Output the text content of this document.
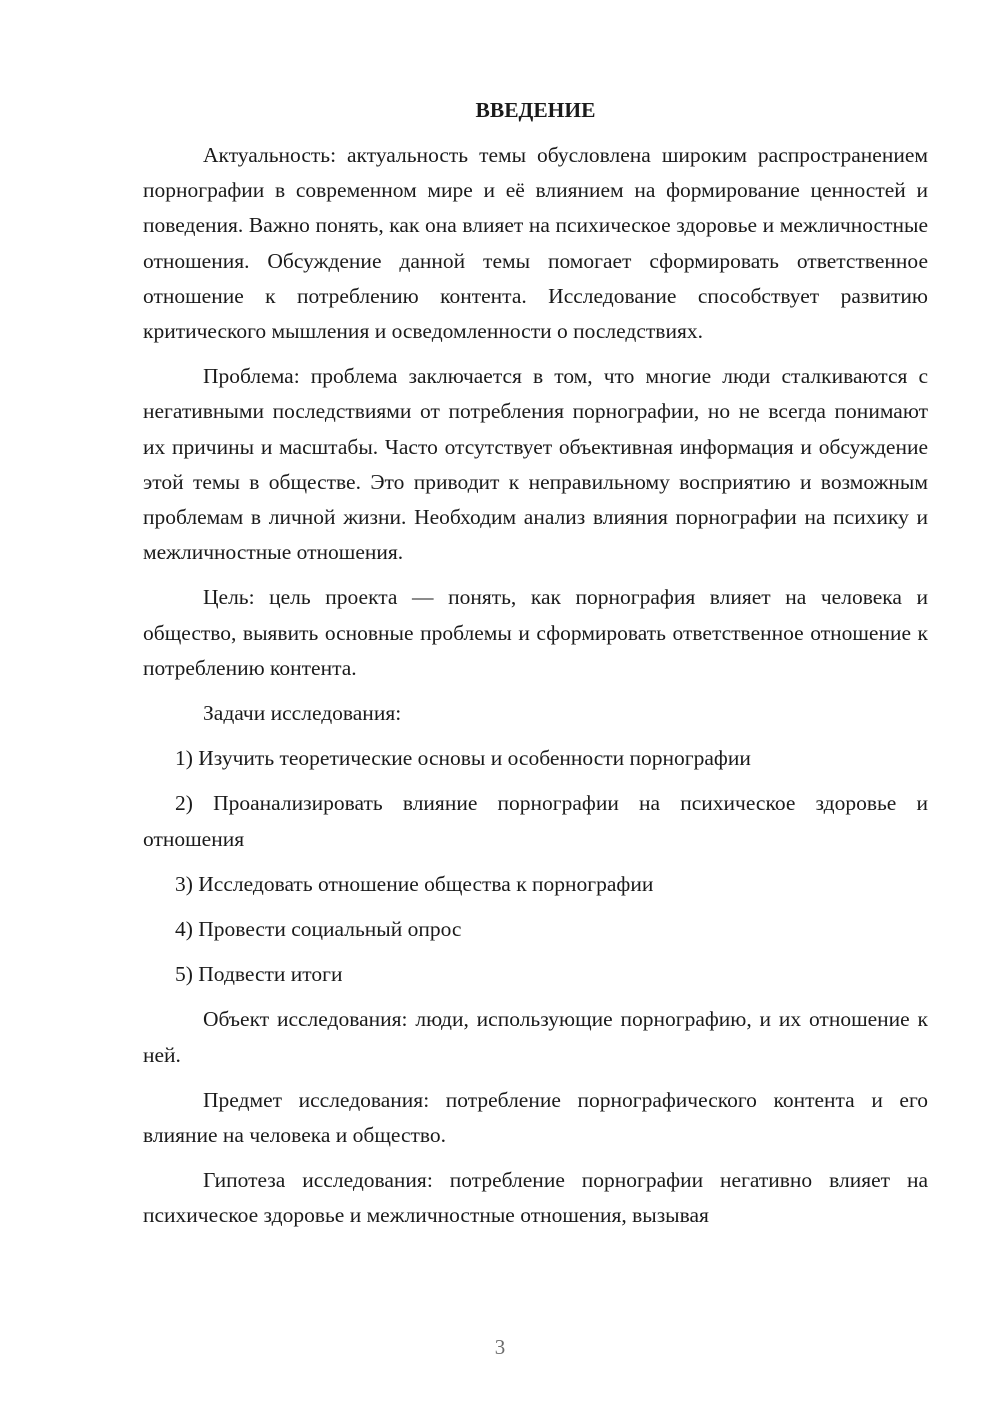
ВВЕДЕНИЕ

Актуальность: актуальность темы обусловлена широким распространением порнографии в современном мире и её влиянием на формирование ценностей и поведения. Важно понять, как она влияет на психическое здоровье и межличностные отношения. Обсуждение данной темы помогает сформировать ответственное отношение к потреблению контента. Исследование способствует развитию критического мышления и осведомленности о последствиях.

Проблема: проблема заключается в том, что многие люди сталкиваются с негативными последствиями от потребления порнографии, но не всегда понимают их причины и масштабы. Часто отсутствует объективная информация и обсуждение этой темы в обществе. Это приводит к неправильному восприятию и возможным проблемам в личной жизни. Необходим анализ влияния порнографии на психику и межличностные отношения.

Цель: цель проекта — понять, как порнография влияет на человека и общество, выявить основные проблемы и сформировать ответственное отношение к потреблению контента.

Задачи исследования:

1) Изучить теоретические основы и особенности порнографии

2) Проанализировать влияние порнографии на психическое здоровье и отношения

3) Исследовать отношение общества к порнографии

4) Провести социальный опрос

5) Подвести итоги

Объект исследования: люди, использующие порнографию, и их отношение к ней.

Предмет исследования: потребление порнографического контента и его влияние на человека и общество.

Гипотеза исследования: потребление порнографии негативно влияет на психическое здоровье и межличностные отношения, вызывая

3
